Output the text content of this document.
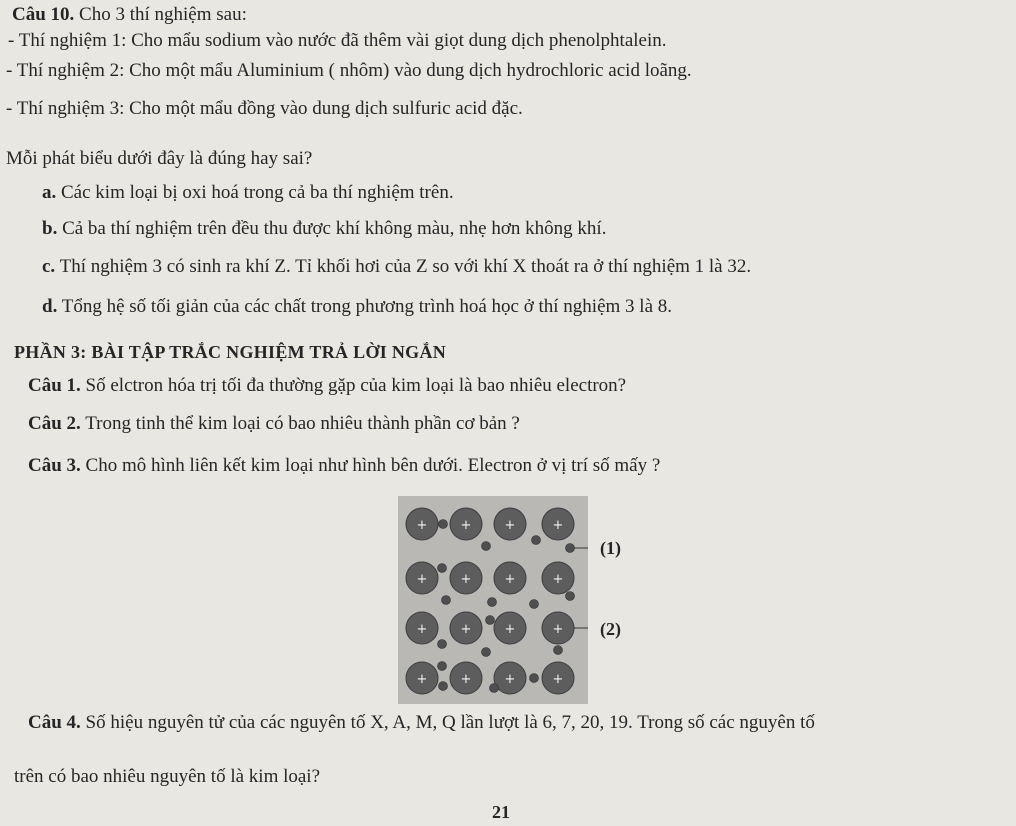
Câu 10. Cho 3 thí nghiệm sau:
- Thí nghiệm 1: Cho mẩu sodium vào nước đã thêm vài giọt dung dịch phenolphtalein.
- Thí nghiệm 2: Cho một mẩu Aluminium ( nhôm) vào dung dịch hydrochloric acid loãng.
- Thí nghiệm 3: Cho một mẩu đồng vào dung dịch sulfuric acid đặc.
Mỗi phát biểu dưới đây là đúng hay sai?
a. Các kim loại bị oxi hoá trong cả ba thí nghiệm trên.
b. Cả ba thí nghiệm trên đều thu được khí không màu, nhẹ hơn không khí.
c. Thí nghiệm 3 có sinh ra khí Z. Tỉ khối hơi của Z so với khí X thoát ra ở thí nghiệm 1 là 32.
d. Tổng hệ số tối giản của các chất trong phương trình hoá học ở thí nghiệm 3 là 8.
PHẦN 3: BÀI TẬP TRẮC NGHIỆM TRẢ LỜI NGẮN
Câu 1. Số elctron hóa trị tối đa thường gặp của kim loại là bao nhiêu electron?
Câu 2. Trong tinh thể kim loại có bao nhiêu thành phần cơ bản ?
Câu 3. Cho mô hình liên kết kim loại như hình bên dưới. Electron ở vị trí số mấy ?
+	+	+	+
+	+	+	+
+	+	+	+
+	+	+	+
(1)
(2)
Câu 4. Số hiệu nguyên tử của các nguyên tố X, A, M, Q lần lượt là 6, 7, 20, 19. Trong số các nguyên tố
trên có bao nhiêu nguyên tố là kim loại?
21
